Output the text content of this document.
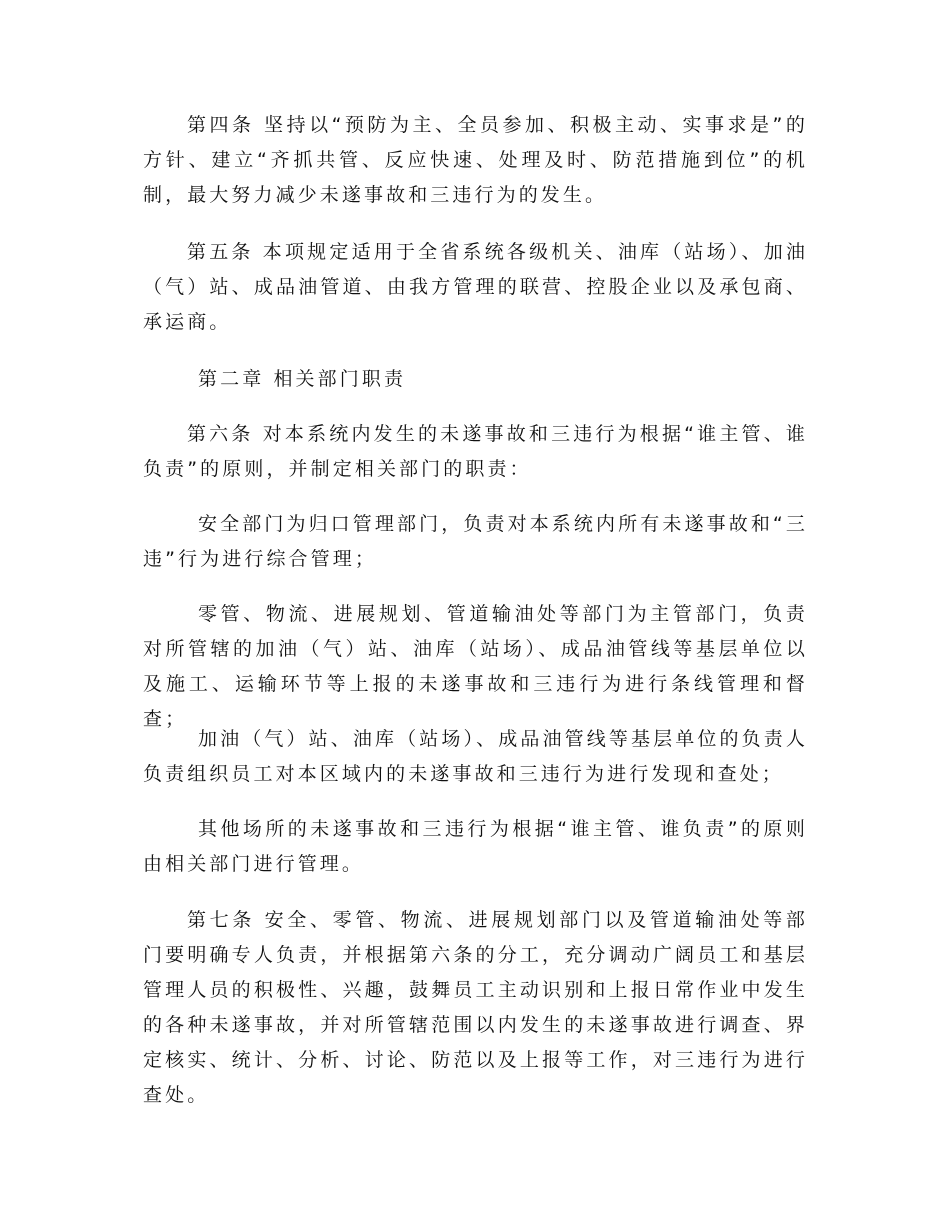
第四条 坚持以“预防为主、全员参加、积极主动、实事求是”的方针、建立“齐抓共管、反应快速、处理及时、防范措施到位”的机制，最大努力减少未遂事故和三违行为的发生。

第五条 本项规定适用于全省系统各级机关、油库（站场）、加油（气）站、成品油管道、由我方管理的联营、控股企业以及承包商、承运商。

第二章 相关部门职责

第六条 对本系统内发生的未遂事故和三违行为根据“谁主管、谁负责”的原则，并制定相关部门的职责：

安全部门为归口管理部门，负责对本系统内所有未遂事故和“三违”行为进行综合管理；

零管、物流、进展规划、管道输油处等部门为主管部门，负责对所管辖的加油（气）站、油库（站场）、成品油管线等基层单位以及施工、运输环节等上报的未遂事故和三违行为进行条线管理和督查；

加油（气）站、油库（站场）、成品油管线等基层单位的负责人负责组织员工对本区域内的未遂事故和三违行为进行发现和查处；

其他场所的未遂事故和三违行为根据“谁主管、谁负责”的原则由相关部门进行管理。

第七条 安全、零管、物流、进展规划部门以及管道输油处等部门要明确专人负责，并根据第六条的分工，充分调动广阔员工和基层管理人员的积极性、兴趣，鼓舞员工主动识别和上报日常作业中发生的各种未遂事故，并对所管辖范围以内发生的未遂事故进行调查、界定核实、统计、分析、讨论、防范以及上报等工作，对三违行为进行查处。
